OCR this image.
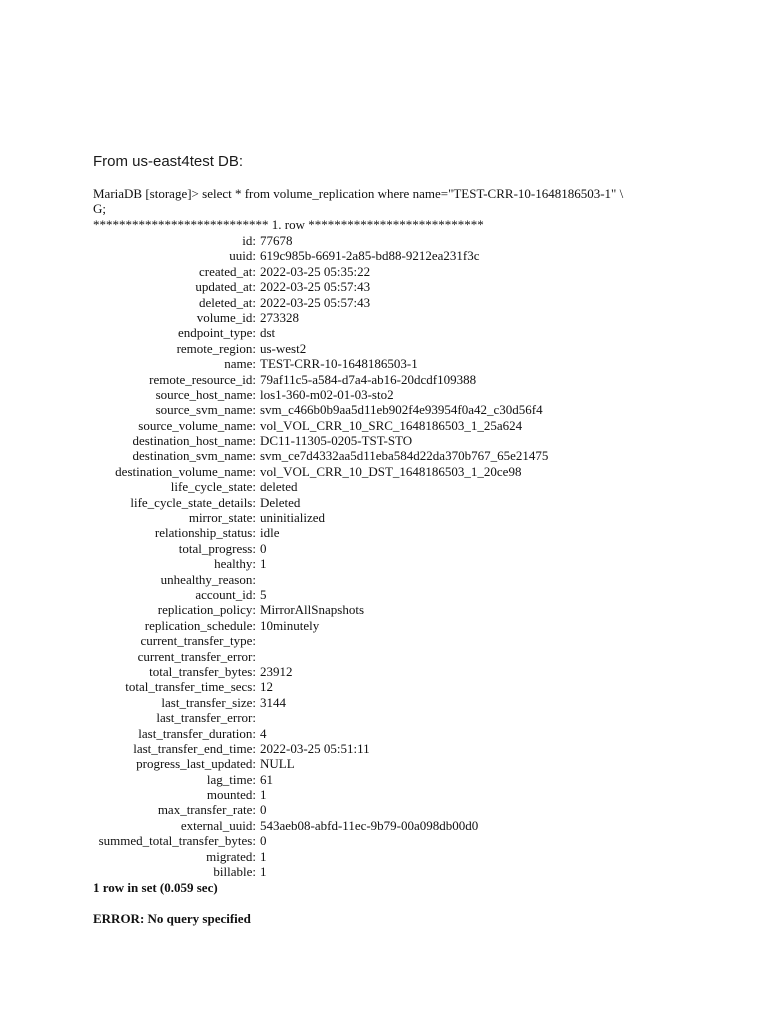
From us-east4test DB:
MariaDB [storage]> select * from volume_replication where name="TEST-CRR-10-1648186503-1" \
G;
*************************** 1. row ***************************
id: 77678
uuid: 619c985b-6691-2a85-bd88-9212ea231f3c
created_at: 2022-03-25 05:35:22
updated_at: 2022-03-25 05:57:43
deleted_at: 2022-03-25 05:57:43
volume_id: 273328
endpoint_type: dst
remote_region: us-west2
name: TEST-CRR-10-1648186503-1
remote_resource_id: 79af11c5-a584-d7a4-ab16-20dcdf109388
source_host_name: los1-360-m02-01-03-sto2
source_svm_name: svm_c466b0b9aa5d11eb902f4e93954f0a42_c30d56f4
source_volume_name: vol_VOL_CRR_10_SRC_1648186503_1_25a624
destination_host_name: DC11-11305-0205-TST-STO
destination_svm_name: svm_ce7d4332aa5d11eba584d22da370b767_65e21475
destination_volume_name: vol_VOL_CRR_10_DST_1648186503_1_20ce98
life_cycle_state: deleted
life_cycle_state_details: Deleted
mirror_state: uninitialized
relationship_status: idle
total_progress: 0
healthy: 1
unhealthy_reason:
account_id: 5
replication_policy: MirrorAllSnapshots
replication_schedule: 10minutely
current_transfer_type:
current_transfer_error:
total_transfer_bytes: 23912
total_transfer_time_secs: 12
last_transfer_size: 3144
last_transfer_error:
last_transfer_duration: 4
last_transfer_end_time: 2022-03-25 05:51:11
progress_last_updated: NULL
lag_time: 61
mounted: 1
max_transfer_rate: 0
external_uuid: 543aeb08-abfd-11ec-9b79-00a098db00d0
summed_total_transfer_bytes: 0
migrated: 1
billable: 1
1 row in set (0.059 sec)
ERROR: No query specified
